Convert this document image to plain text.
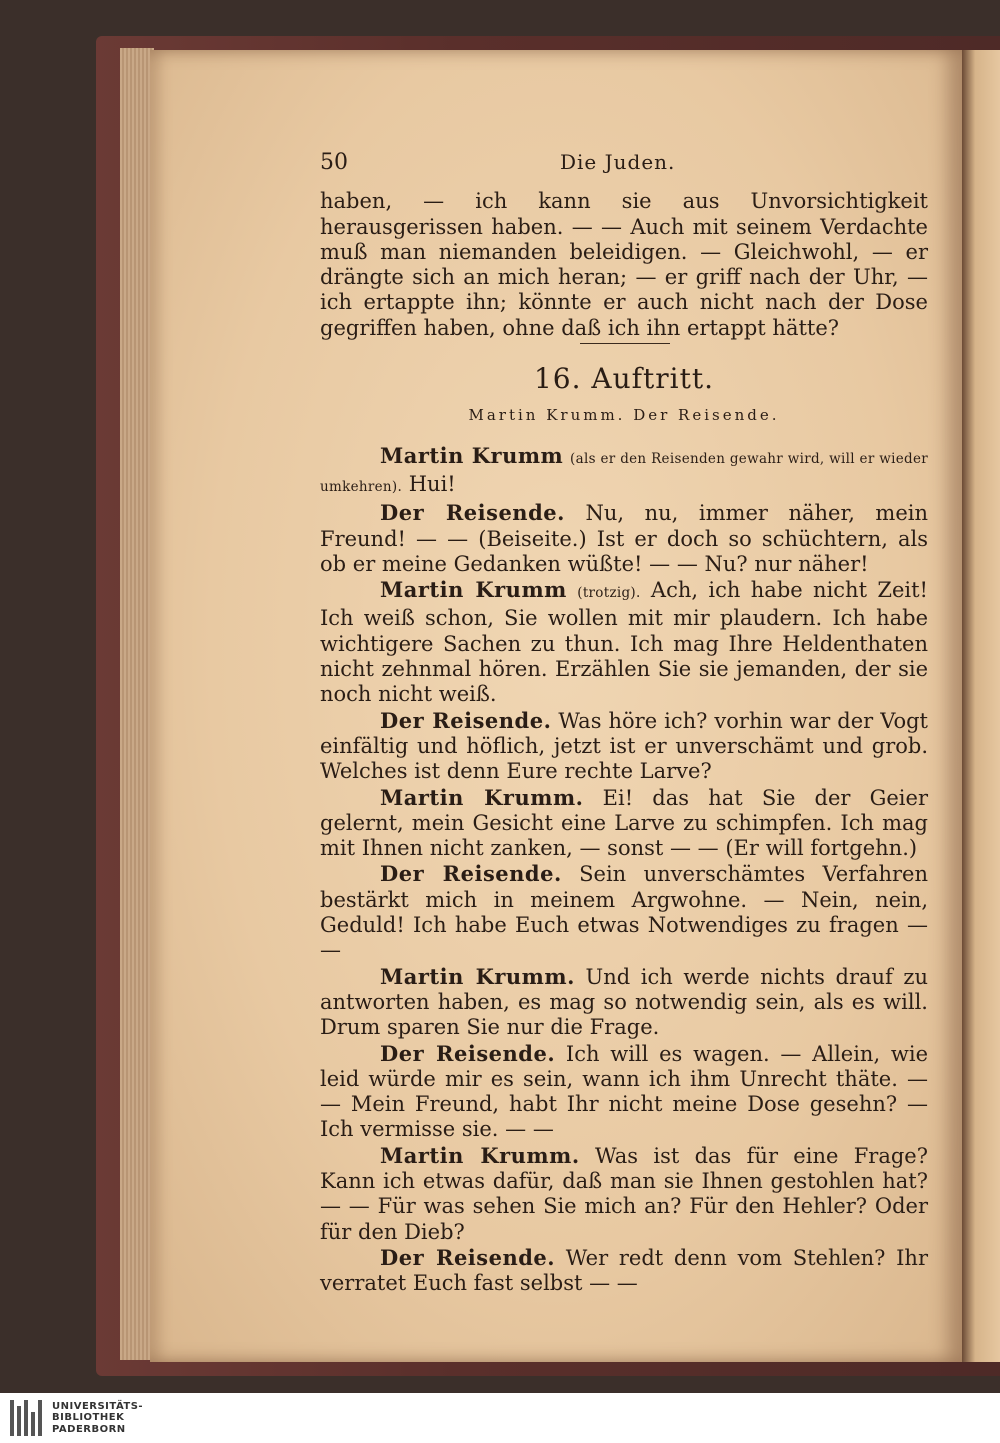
50	Die Juden.

haben, — ich kann sie aus Unvorsichtigkeit herausgerissen haben. — — Auch mit seinem Verdachte muß man niemanden beleidigen. — Gleichwohl, — er drängte sich an mich heran; — er griff nach der Uhr, — ich ertappte ihn; könnte er auch nicht nach der Dose gegriffen haben, ohne daß ich ihn ertappt hätte?

16. Auftritt.
Martin Krumm. Der Reisende.

Martin Krumm (als er den Reisenden gewahr wird, will er wieder umkehren). Hui!

Der Reisende. Nu, nu, immer näher, mein Freund! — — (Beiseite.) Ist er doch so schüchtern, als ob er meine Gedanken wüßte! — — Nu? nur näher!

Martin Krumm (trotzig). Ach, ich habe nicht Zeit! Ich weiß schon, Sie wollen mit mir plaudern. Ich habe wichtigere Sachen zu thun. Ich mag Ihre Heldenthaten nicht zehnmal hören. Erzählen Sie sie jemanden, der sie noch nicht weiß.

Der Reisende. Was höre ich? vorhin war der Vogt einfältig und höflich, jetzt ist er unverschämt und grob. Welches ist denn Eure rechte Larve?

Martin Krumm. Ei! das hat Sie der Geier gelernt, mein Gesicht eine Larve zu schimpfen. Ich mag mit Ihnen nicht zanken, — sonst — — (Er will fortgehn.)

Der Reisende. Sein unverschämtes Verfahren bestärkt mich in meinem Argwohne. — Nein, nein, Geduld! Ich habe Euch etwas Notwendiges zu fragen — —

Martin Krumm. Und ich werde nichts drauf zu antworten haben, es mag so notwendig sein, als es will. Drum sparen Sie nur die Frage.

Der Reisende. Ich will es wagen. — Allein, wie leid würde mir es sein, wann ich ihm Unrecht thäte. — — Mein Freund, habt Ihr nicht meine Dose gesehn? — Ich vermisse sie. — —

Martin Krumm. Was ist das für eine Frage? Kann ich etwas dafür, daß man sie Ihnen gestohlen hat? — — Für was sehen Sie mich an? Für den Hehler? Oder für den Dieb?

Der Reisende. Wer redt denn vom Stehlen? Ihr verratet Euch fast selbst — —

UNIVERSITÄTS-
BIBLIOTHEK
PADERBORN
